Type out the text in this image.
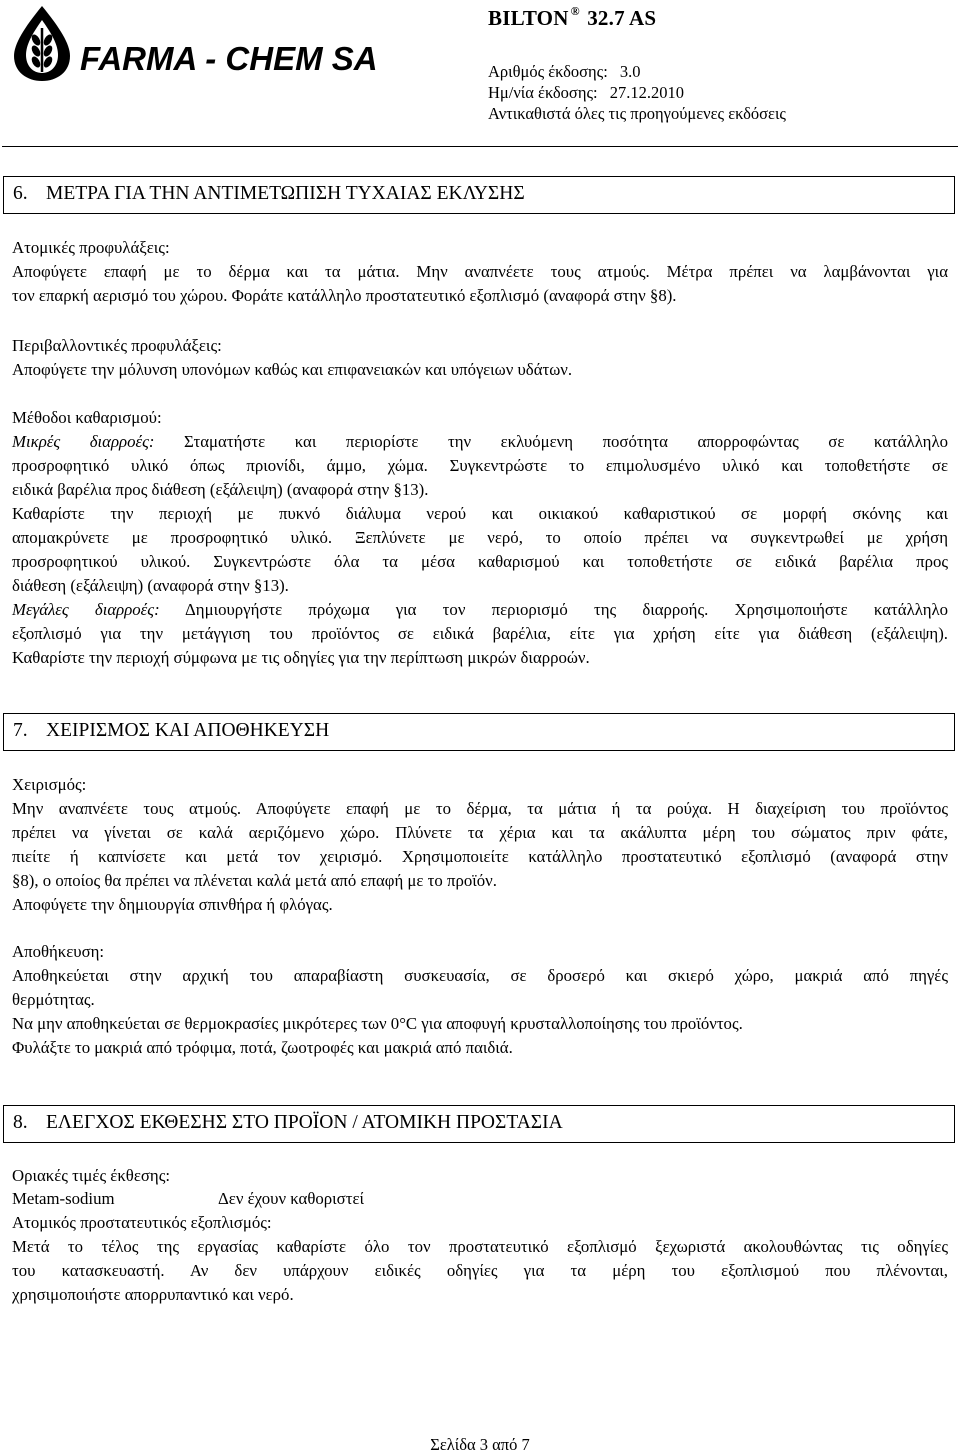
FARMA - CHEM SA
BILTON ® 32.7 AS
Αριθμός έκδοσης: 3.0
Ημ/νία έκδοσης: 27.12.2010
Αντικαθιστά όλες τις προηγούμενες εκδόσεις
6. ΜΕΤΡΑ ΓΙΑ ΤΗΝ ΑΝΤΙΜΕΤΩΠΙΣΗ ΤΥΧΑΙΑΣ ΕΚΛΥΣΗΣ
Ατομικές προφυλάξεις:
Αποφύγετε επαφή με το δέρμα και τα μάτια. Μην αναπνέετε τους ατμούς. Μέτρα πρέπει να λαμβάνονται για
τον επαρκή αερισμό του χώρου. Φοράτε κατάλληλο προστατευτικό εξοπλισμό (αναφορά στην §8).
Περιβαλλοντικές προφυλάξεις:
Αποφύγετε την μόλυνση υπονόμων καθώς και επιφανειακών και υπόγειων υδάτων.
Μέθοδοι καθαρισμού:
Μικρές διαρροές: Σταματήστε και περιορίστε την εκλυόμενη ποσότητα απορροφώντας σε κατάλληλο
προσροφητικό υλικό όπως πριονίδι, άμμο, χώμα. Συγκεντρώστε το επιμολυσμένο υλικό και τοποθετήστε σε
ειδικά βαρέλια προς διάθεση (εξάλειψη) (αναφορά στην §13).
Καθαρίστε την περιοχή με πυκνό διάλυμα νερού και οικιακού καθαριστικού σε μορφή σκόνης και
απομακρύνετε με προσροφητικό υλικό. Ξεπλύνετε με νερό, το οποίο πρέπει να συγκεντρωθεί με χρήση
προσροφητικού υλικού. Συγκεντρώστε όλα τα μέσα καθαρισμού και τοποθετήστε σε ειδικά βαρέλια προς
διάθεση (εξάλειψη) (αναφορά στην §13).
Μεγάλες διαρροές: Δημιουργήστε πρόχωμα για τον περιορισμό της διαρροής. Χρησιμοποιήστε κατάλληλο
εξοπλισμό για την μετάγγιση του προϊόντος σε ειδικά βαρέλια, είτε για χρήση είτε για διάθεση (εξάλειψη).
Καθαρίστε την περιοχή σύμφωνα με τις οδηγίες για την περίπτωση μικρών διαρροών.
7. ΧΕΙΡΙΣΜΟΣ ΚΑΙ ΑΠΟΘΗΚΕΥΣΗ
Χειρισμός:
Μην αναπνέετε τους ατμούς. Αποφύγετε επαφή με το δέρμα, τα μάτια ή τα ρούχα. Η διαχείριση του προϊόντος
πρέπει να γίνεται σε καλά αεριζόμενο χώρο. Πλύνετε τα χέρια και τα ακάλυπτα μέρη του σώματος πριν φάτε,
πιείτε ή καπνίσετε και μετά τον χειρισμό. Χρησιμοποιείτε κατάλληλο προστατευτικό εξοπλισμό (αναφορά στην
§8), ο οποίος θα πρέπει να πλένεται καλά μετά από επαφή με το προϊόν.
Αποφύγετε την δημιουργία σπινθήρα ή φλόγας.
Αποθήκευση:
Αποθηκεύεται στην αρχική του απαραβίαστη συσκευασία, σε δροσερό και σκιερό χώρο, μακριά από πηγές
θερμότητας.
Να μην αποθηκεύεται σε θερμοκρασίες μικρότερες των 0°C για αποφυγή κρυσταλλοποίησης του προϊόντος.
Φυλάξτε το μακριά από τρόφιμα, ποτά, ζωοτροφές και μακριά από παιδιά.
8. ΕΛΕΓΧΟΣ ΕΚΘΕΣΗΣ ΣΤΟ ΠΡΟΪΟΝ / ΑΤΟΜΙΚΗ ΠΡΟΣΤΑΣΙΑ
Οριακές τιμές έκθεσης:
Metam-sodium	Δεν έχουν καθοριστεί
Ατομικός προστατευτικός εξοπλισμός:
Μετά το τέλος της εργασίας καθαρίστε όλο τον προστατευτικό εξοπλισμό ξεχωριστά ακολουθώντας τις οδηγίες
του κατασκευαστή. Αν δεν υπάρχουν ειδικές οδηγίες για τα μέρη του εξοπλισμού που πλένονται,
χρησιμοποιήστε απορρυπαντικό και νερό.
Σελίδα 3 από 7
